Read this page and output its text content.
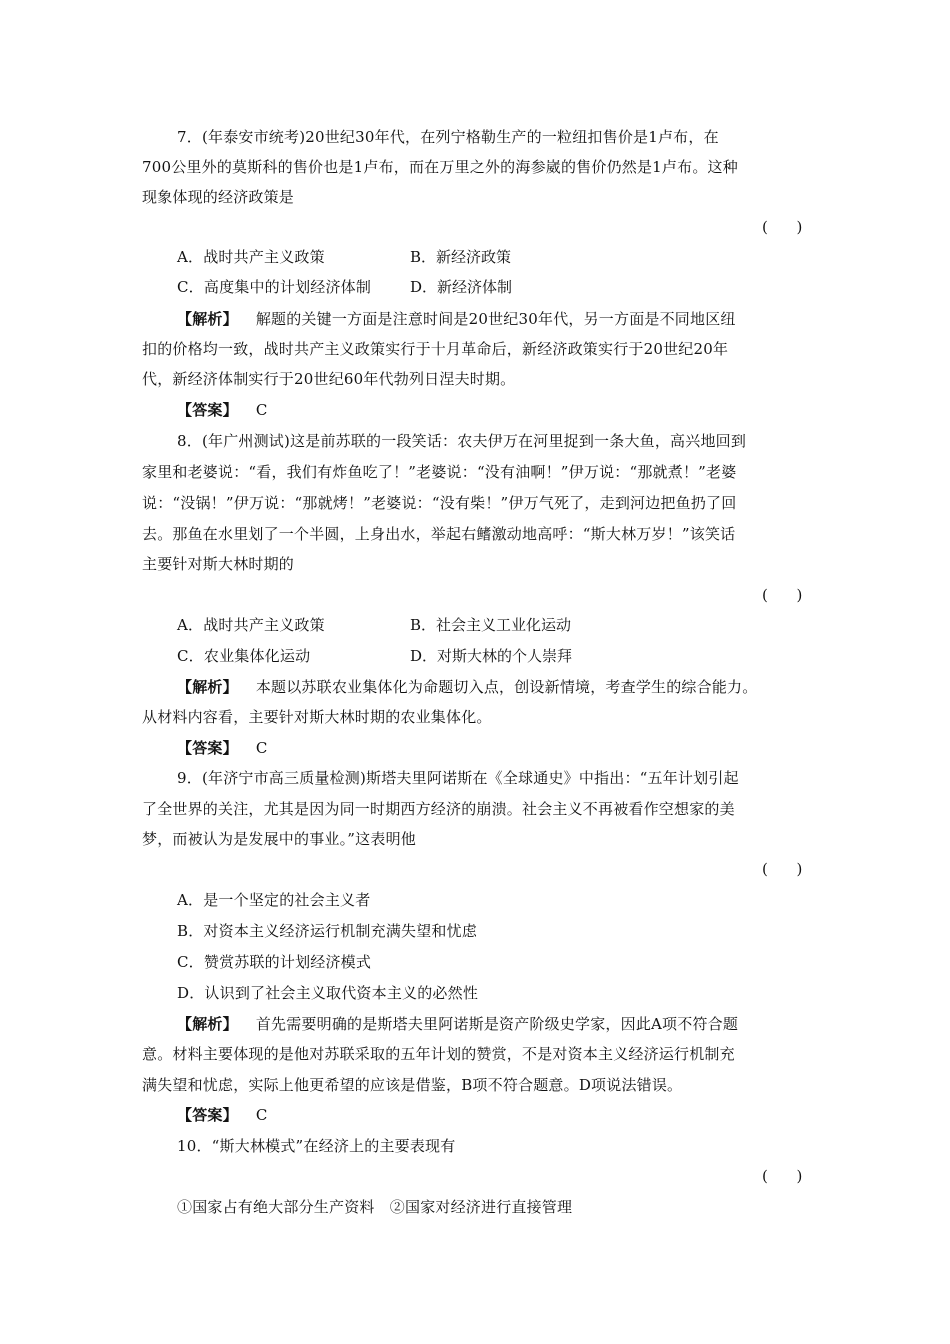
7．(年泰安市统考)20世纪30年代，在列宁格勒生产的一粒纽扣售价是1卢布，在
700公里外的莫斯科的售价也是1卢布，而在万里之外的海参崴的售价仍然是1卢布。这种
现象体现的经济政策是
(      )
A．战时共产主义政策	B．新经济政策
C．高度集中的计划经济体制	D．新经济体制
【解析】 解题的关键一方面是注意时间是20世纪30年代，另一方面是不同地区纽
扣的价格均一致，战时共产主义政策实行于十月革命后，新经济政策实行于20世纪20年
代，新经济体制实行于20世纪60年代勃列日涅夫时期。
【答案】 C
8．(年广州测试)这是前苏联的一段笑话：农夫伊万在河里捉到一条大鱼，高兴地回到
家里和老婆说：“看，我们有炸鱼吃了！”老婆说：“没有油啊！”伊万说：“那就煮！”老婆
说：“没锅！”伊万说：“那就烤！”老婆说：“没有柴！”伊万气死了，走到河边把鱼扔了回
去。那鱼在水里划了一个半圆，上身出水，举起右鳍激动地高呼：“斯大林万岁！”该笑话
主要针对斯大林时期的
(      )
A．战时共产主义政策	B．社会主义工业化运动
C．农业集体化运动	D．对斯大林的个人崇拜
【解析】 本题以苏联农业集体化为命题切入点，创设新情境，考查学生的综合能力。
从材料内容看，主要针对斯大林时期的农业集体化。
【答案】 C
9．(年济宁市高三质量检测)斯塔夫里阿诺斯在《全球通史》中指出：“五年计划引起
了全世界的关注，尤其是因为同一时期西方经济的崩溃。社会主义不再被看作空想家的美
梦，而被认为是发展中的事业。”这表明他
(      )
A．是一个坚定的社会主义者
B．对资本主义经济运行机制充满失望和忧虑
C．赞赏苏联的计划经济模式
D．认识到了社会主义取代资本主义的必然性
【解析】 首先需要明确的是斯塔夫里阿诺斯是资产阶级史学家，因此A项不符合题
意。材料主要体现的是他对苏联采取的五年计划的赞赏，不是对资本主义经济运行机制充
满失望和忧虑，实际上他更希望的应该是借鉴，B项不符合题意。D项说法错误。
【答案】 C
10．“斯大林模式”在经济上的主要表现有
(      )
①国家占有绝大部分生产资料　②国家对经济进行直接管理
